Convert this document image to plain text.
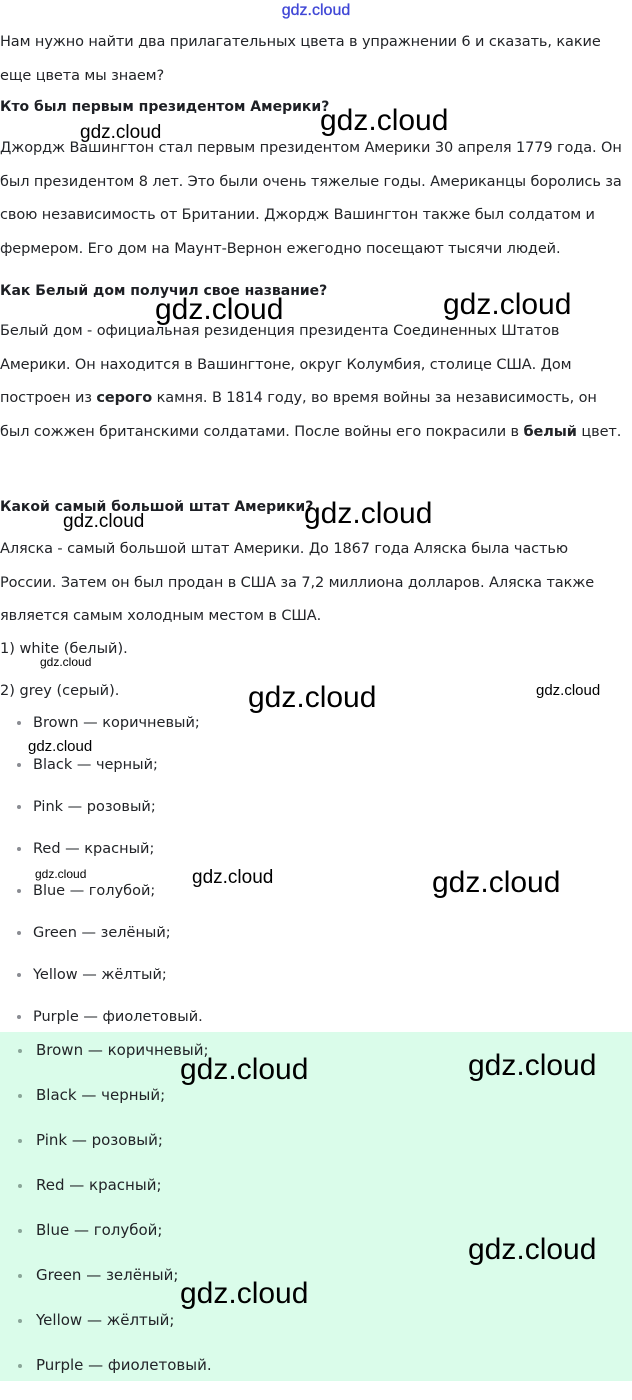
gdz.cloud

Нам нужно найти два прилагательных цвета в упражнении 6 и сказать, какие еще цвета мы знаем?

Кто был первым президентом Америки?

Джордж Вашингтон стал первым президентом Америки 30 апреля 1779 года. Он был президентом 8 лет. Это были очень тяжелые годы. Американцы боролись за свою независимость от Британии. Джордж Вашингтон также был солдатом и фермером. Его дом на Маунт-Вернон ежегодно посещают тысячи людей.

Как Белый дом получил свое название?

Белый дом - официальная резиденция президента Соединенных Штатов Америки. Он находится в Вашингтоне, округ Колумбия, столице США. Дом построен из серого камня. В 1814 году, во время войны за независимость, он был сожжен британскими солдатами. После войны его покрасили в белый цвет.

Какой самый большой штат Америки?

Аляска - самый большой штат Америки. До 1867 года Аляска была частью России. Затем он был продан в США за 7,2 миллиона долларов. Аляска также является самым холодным местом в США.

1) white (белый).

2) grey (серый).

Brown — коричневый;
Black — черный;
Pink — розовый;
Red — красный;
Blue — голубой;
Green — зелёный;
Yellow — жёлтый;
Purple — фиолетовый.
Brown — коричневый;
Black — черный;
Pink — розовый;
Red — красный;
Blue — голубой;
Green — зелёный;
Yellow — жёлтый;
Purple — фиолетовый.
gdz.cloud
gdz.cloud
gdz.cloud	gdz.cloud
gdz.cloud
gdz.cloud
gdz.cloud
gdz.cloud	gdz.cloud
gdz.cloud
gdz.cloud	gdz.cloud	gdz.cloud
gdz.cloud	gdz.cloud
gdz.cloud
gdz.cloud
